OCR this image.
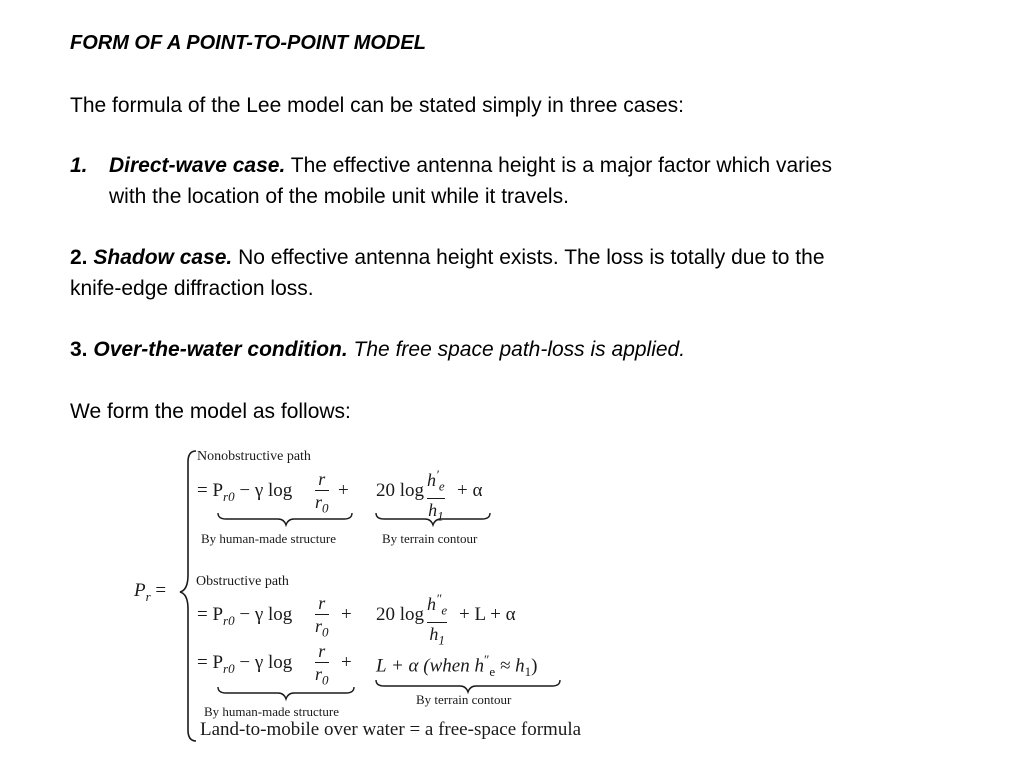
FORM OF A POINT-TO-POINT MODEL
The formula of the Lee model can be stated simply in three cases:
1. Direct-wave case. The effective antenna height is a major factor which varies
with the location of the mobile unit while it travels.
2. Shadow case. No effective antenna height exists. The loss is totally due to the
knife-edge diffraction loss.
3. Over-the-water condition. The free space path-loss is applied.
We form the model as follows:
$P_r$ =
Nonobstructive path
= $P_{r0} - \gamma$ log
r
$r_0$
+ 20 $\log h'_e$
$h_1$
+ α
By human-made structure	By terrain contour
Obstructive path
= $P_{r0} - \gamma$ log
r
$r_0$
+ 20 $\log h''_e$
$h_1$
+ L + α
= $P_{r0} - \gamma$ log
r
$r_0$
+ L + α (when $h''_e \approx h_1$)
By terrain contour
By human-made structure
Land-to-mobile over water = a free-space formula
